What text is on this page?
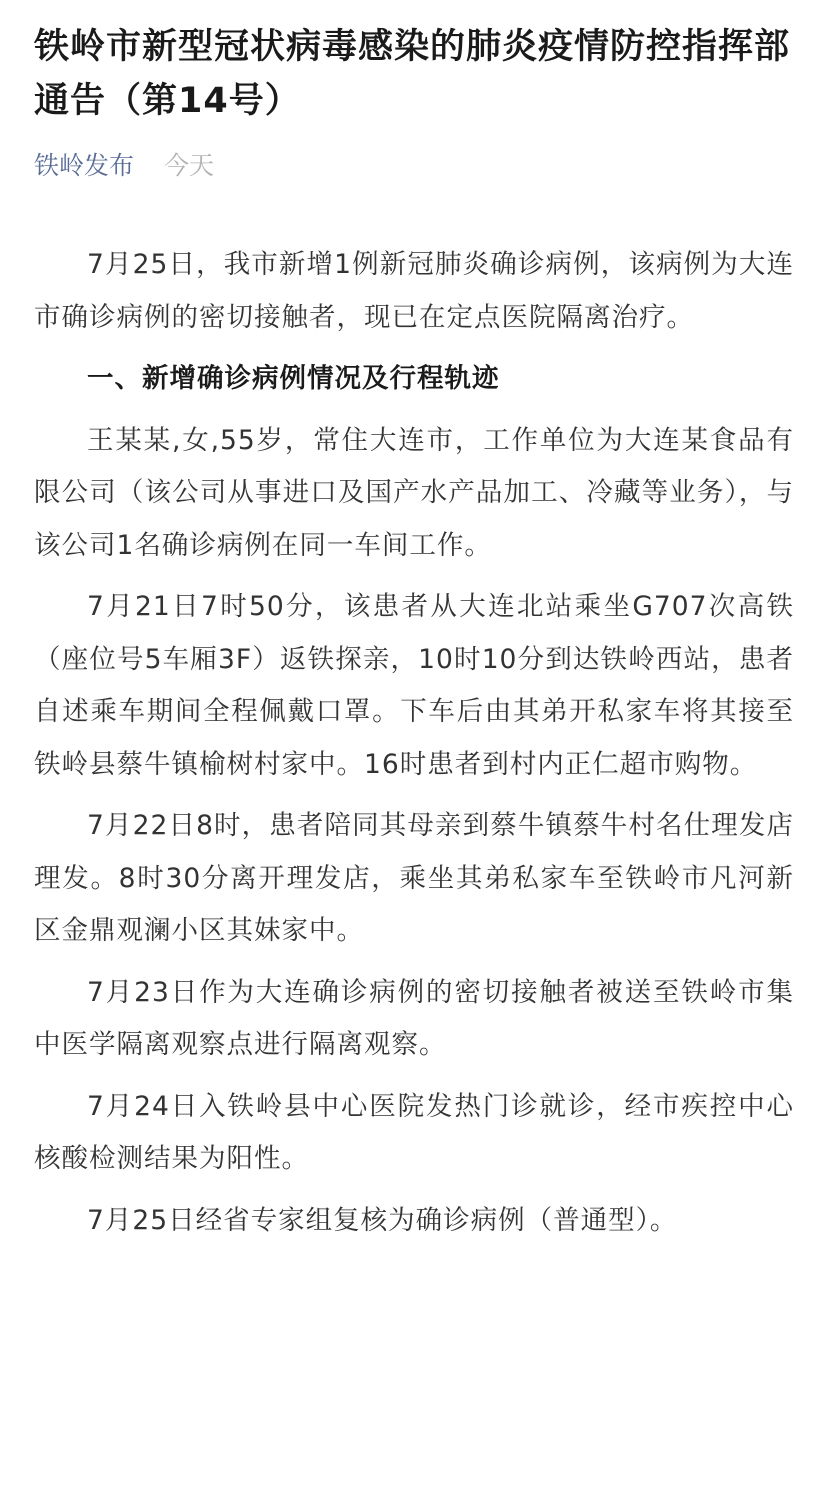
铁岭市新型冠状病毒感染的肺炎疫情防控指挥部通告（第14号）
铁岭发布 今天

7月25日，我市新增1例新冠肺炎确诊病例，该病例为大连市确诊病例的密切接触者，现已在定点医院隔离治疗。

一、新增确诊病例情况及行程轨迹

王某某,女,55岁，常住大连市，工作单位为大连某食品有限公司（该公司从事进口及国产水产品加工、冷藏等业务），与该公司1名确诊病例在同一车间工作。

7月21日7时50分，该患者从大连北站乘坐G707次高铁（座位号5车厢3F）返铁探亲，10时10分到达铁岭西站，患者自述乘车期间全程佩戴口罩。下车后由其弟开私家车将其接至铁岭县蔡牛镇榆树村家中。16时患者到村内正仁超市购物。

7月22日8时，患者陪同其母亲到蔡牛镇蔡牛村名仕理发店理发。8时30分离开理发店，乘坐其弟私家车至铁岭市凡河新区金鼎观澜小区其妹家中。

7月23日作为大连确诊病例的密切接触者被送至铁岭市集中医学隔离观察点进行隔离观察。

7月24日入铁岭县中心医院发热门诊就诊，经市疾控中心核酸检测结果为阳性。

7月25日经省专家组复核为确诊病例（普通型）。
